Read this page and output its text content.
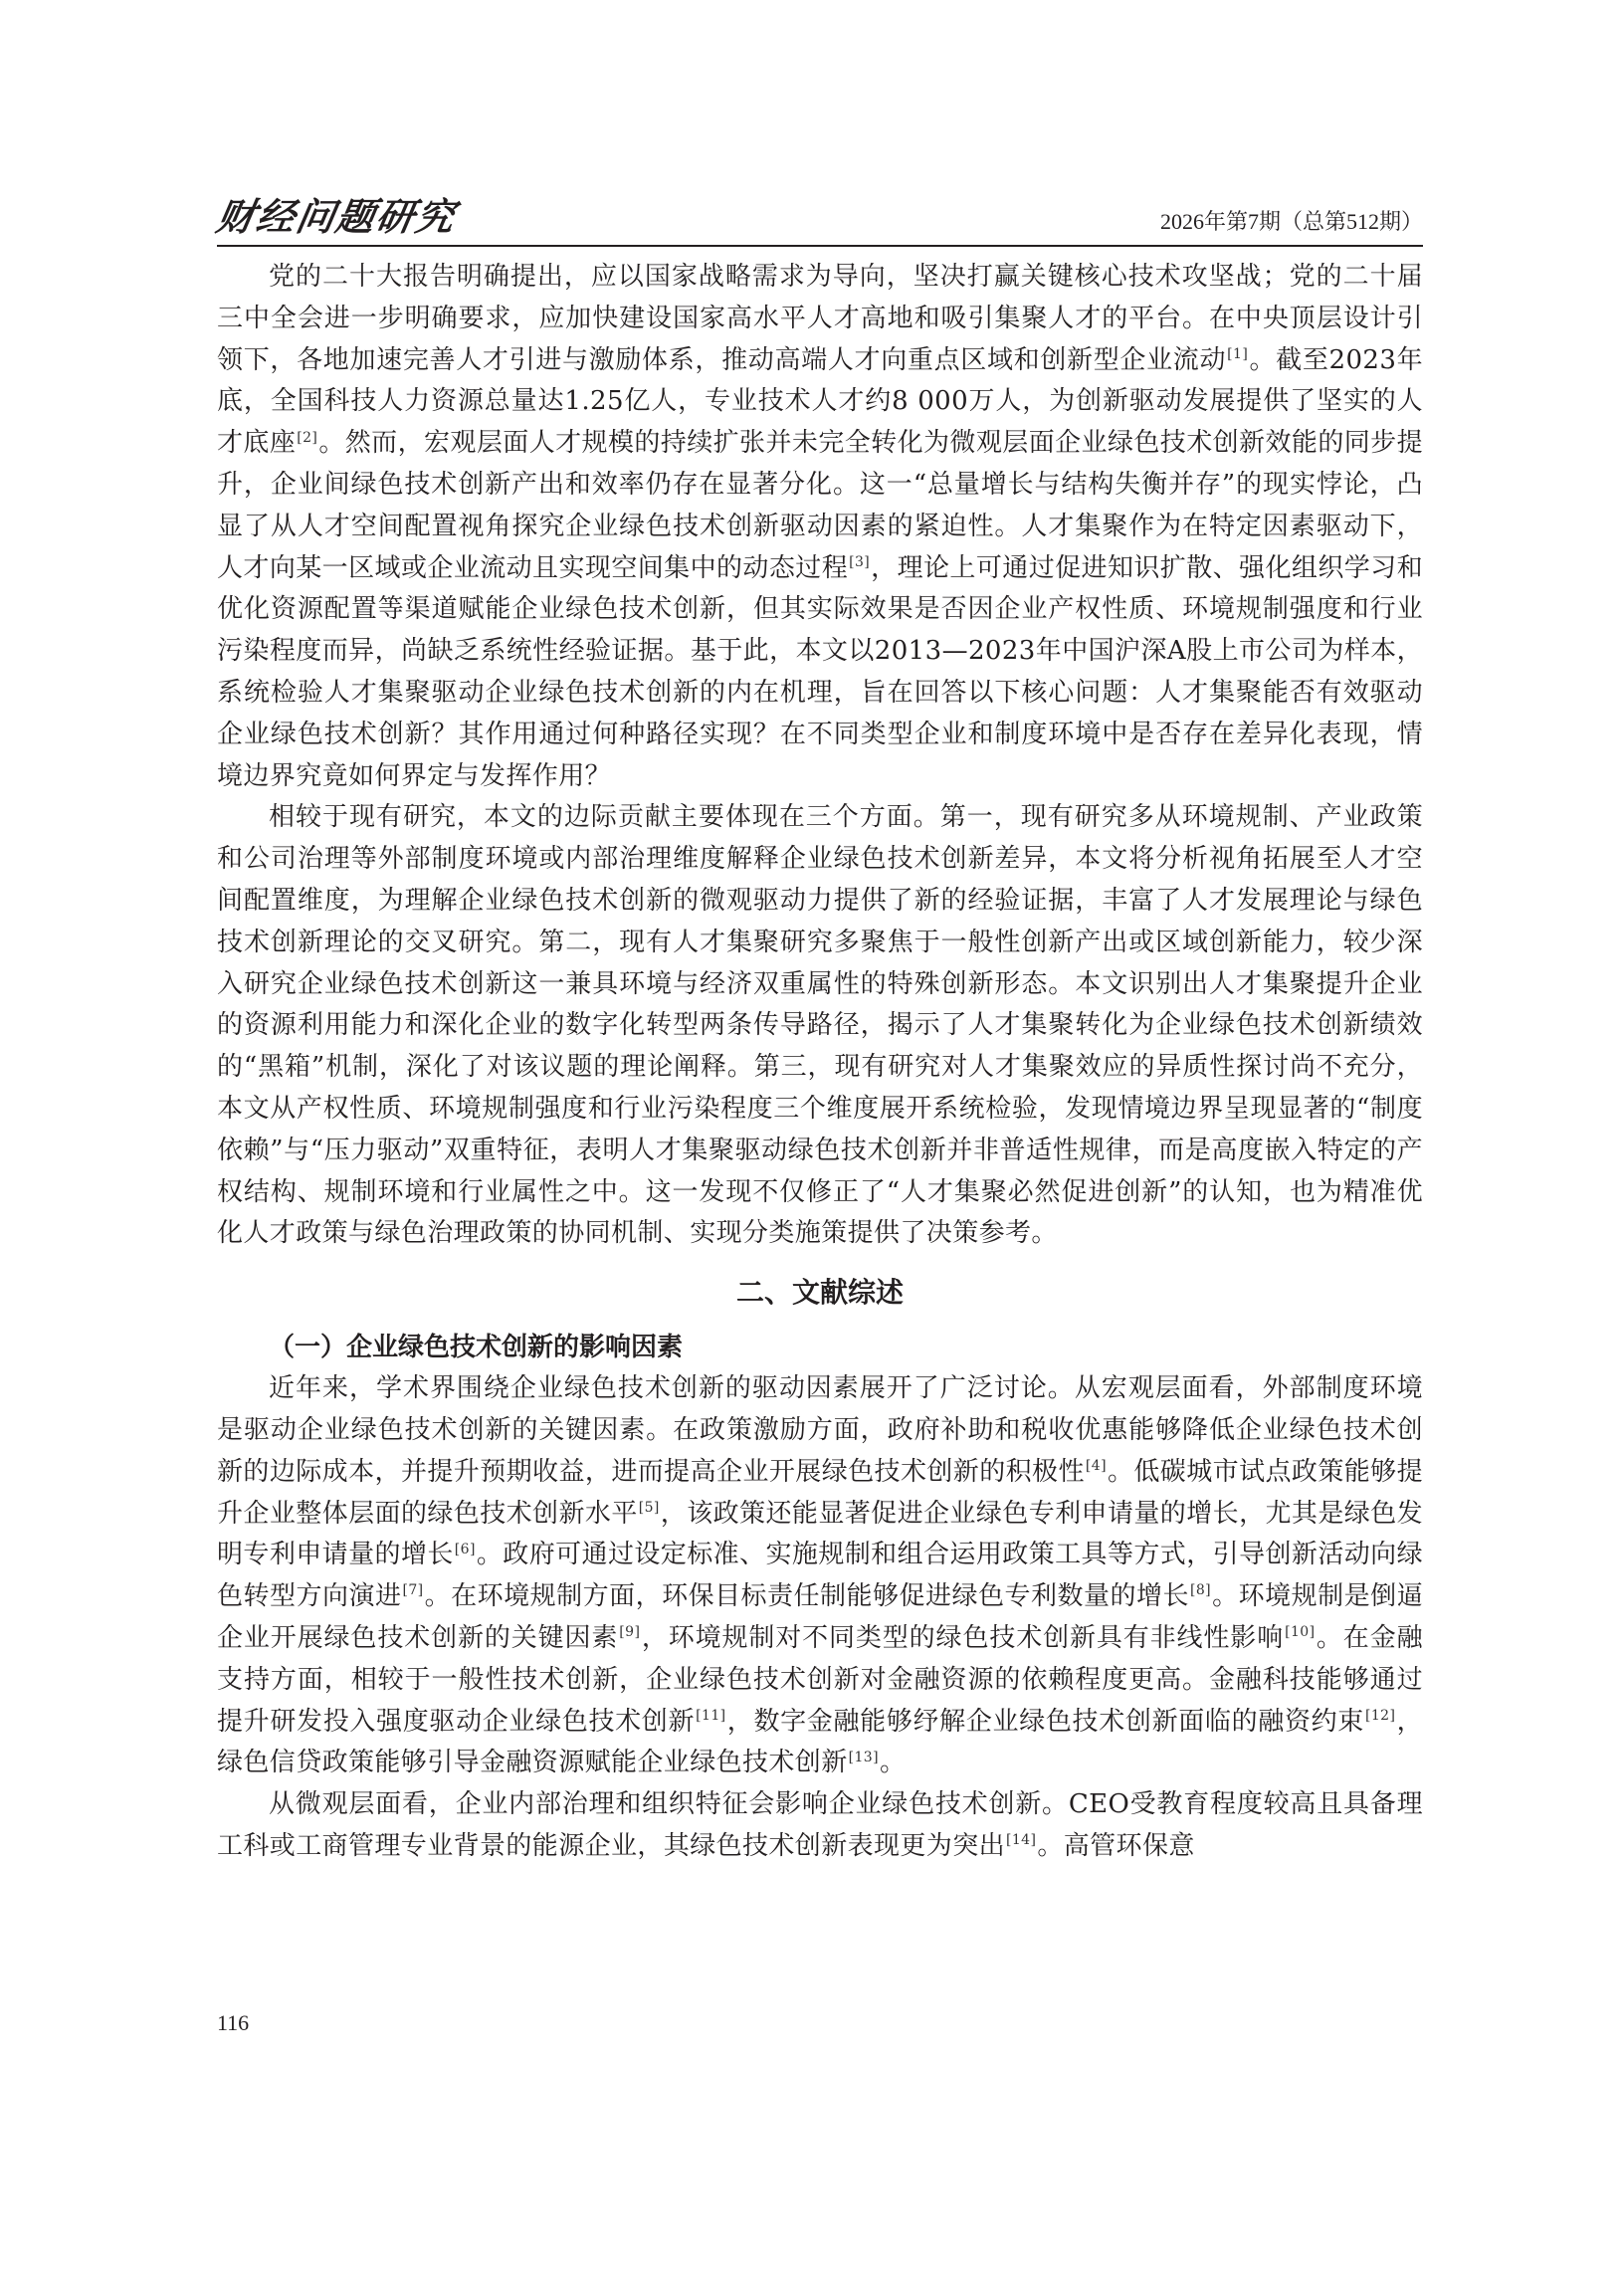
财经问题研究	2026年第7期（总第512期）

党的二十大报告明确提出，应以国家战略需求为导向，坚决打赢关键核心技术攻坚战；党的二十届三中全会进一步明确要求，应加快建设国家高水平人才高地和吸引集聚人才的平台。在中央顶层设计引领下，各地加速完善人才引进与激励体系，推动高端人才向重点区域和创新型企业流动[1]。截至2023年底，全国科技人力资源总量达1.25亿人，专业技术人才约8 000万人，为创新驱动发展提供了坚实的人才底座[2]。然而，宏观层面人才规模的持续扩张并未完全转化为微观层面企业绿色技术创新效能的同步提升，企业间绿色技术创新产出和效率仍存在显著分化。这一“总量增长与结构失衡并存”的现实悖论，凸显了从人才空间配置视角探究企业绿色技术创新驱动因素的紧迫性。人才集聚作为在特定因素驱动下，人才向某一区域或企业流动且实现空间集中的动态过程[3]，理论上可通过促进知识扩散、强化组织学习和优化资源配置等渠道赋能企业绿色技术创新，但其实际效果是否因企业产权性质、环境规制强度和行业污染程度而异，尚缺乏系统性经验证据。基于此，本文以2013—2023年中国沪深A股上市公司为样本，系统检验人才集聚驱动企业绿色技术创新的内在机理，旨在回答以下核心问题：人才集聚能否有效驱动企业绿色技术创新？其作用通过何种路径实现？在不同类型企业和制度环境中是否存在差异化表现，情境边界究竟如何界定与发挥作用？

相较于现有研究，本文的边际贡献主要体现在三个方面。第一，现有研究多从环境规制、产业政策和公司治理等外部制度环境或内部治理维度解释企业绿色技术创新差异，本文将分析视角拓展至人才空间配置维度，为理解企业绿色技术创新的微观驱动力提供了新的经验证据，丰富了人才发展理论与绿色技术创新理论的交叉研究。第二，现有人才集聚研究多聚焦于一般性创新产出或区域创新能力，较少深入研究企业绿色技术创新这一兼具环境与经济双重属性的特殊创新形态。本文识别出人才集聚提升企业的资源利用能力和深化企业的数字化转型两条传导路径，揭示了人才集聚转化为企业绿色技术创新绩效的“黑箱”机制，深化了对该议题的理论阐释。第三，现有研究对人才集聚效应的异质性探讨尚不充分，本文从产权性质、环境规制强度和行业污染程度三个维度展开系统检验，发现情境边界呈现显著的“制度依赖”与“压力驱动”双重特征，表明人才集聚驱动绿色技术创新并非普适性规律，而是高度嵌入特定的产权结构、规制环境和行业属性之中。这一发现不仅修正了“人才集聚必然促进创新”的认知，也为精准优化人才政策与绿色治理政策的协同机制、实现分类施策提供了决策参考。

二、文献综述
（一）企业绿色技术创新的影响因素

近年来，学术界围绕企业绿色技术创新的驱动因素展开了广泛讨论。从宏观层面看，外部制度环境是驱动企业绿色技术创新的关键因素。在政策激励方面，政府补助和税收优惠能够降低企业绿色技术创新的边际成本，并提升预期收益，进而提高企业开展绿色技术创新的积极性[4]。低碳城市试点政策能够提升企业整体层面的绿色技术创新水平[5]，该政策还能显著促进企业绿色专利申请量的增长，尤其是绿色发明专利申请量的增长[6]。政府可通过设定标准、实施规制和组合运用政策工具等方式，引导创新活动向绿色转型方向演进[7]。在环境规制方面，环保目标责任制能够促进绿色专利数量的增长[8]。环境规制是倒逼企业开展绿色技术创新的关键因素[9]，环境规制对不同类型的绿色技术创新具有非线性影响[10]。在金融支持方面，相较于一般性技术创新，企业绿色技术创新对金融资源的依赖程度更高。金融科技能够通过提升研发投入强度驱动企业绿色技术创新[11]，数字金融能够纾解企业绿色技术创新面临的融资约束[12]，绿色信贷政策能够引导金融资源赋能企业绿色技术创新[13]。

从微观层面看，企业内部治理和组织特征会影响企业绿色技术创新。CEO受教育程度较高且具备理工科或工商管理专业背景的能源企业，其绿色技术创新表现更为突出[14]。高管环保意

116
